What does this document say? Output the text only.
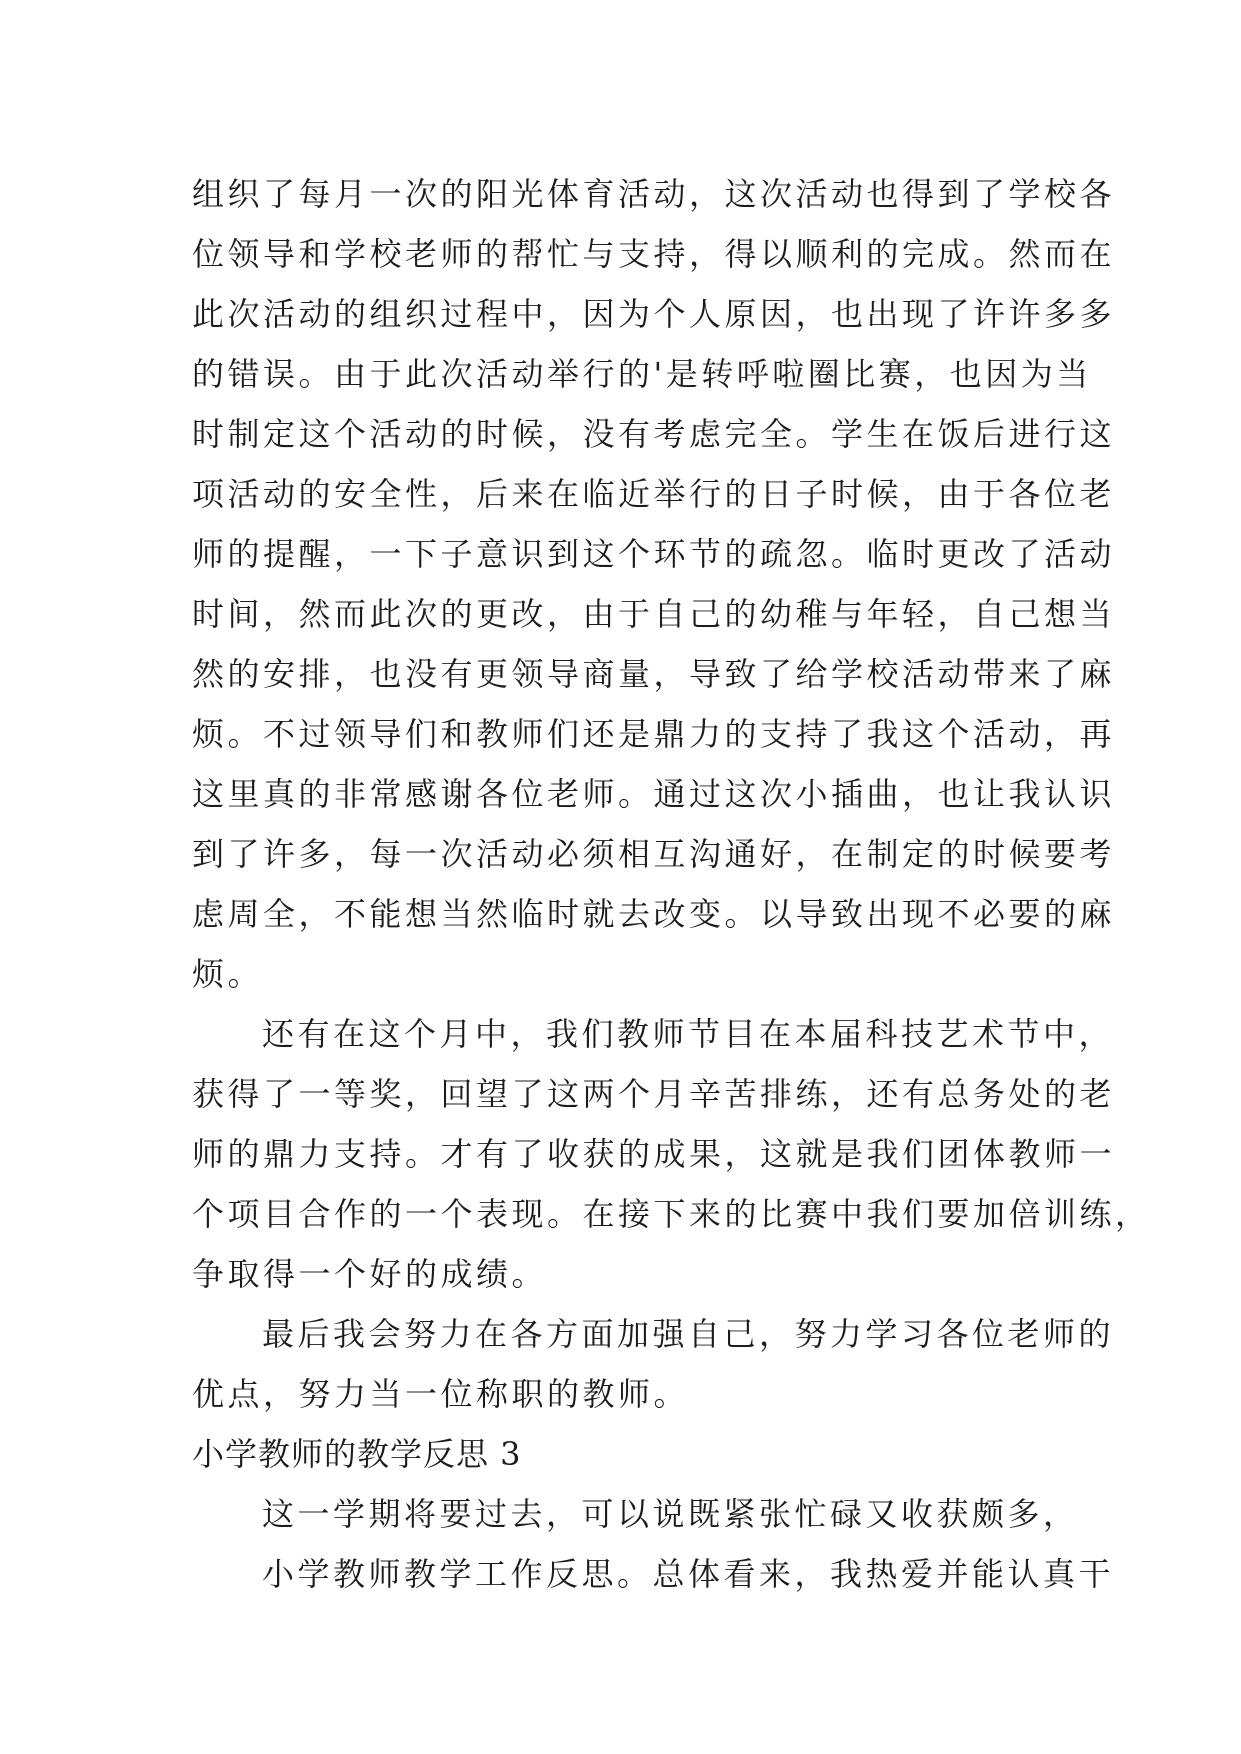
组织了每月一次的阳光体育活动，这次活动也得到了学校各
位领导和学校老师的帮忙与支持，得以顺利的完成。然而在
此次活动的组织过程中，因为个人原因，也出现了许许多多
的错误。由于此次活动举行的'是转呼啦圈比赛，也因为当
时制定这个活动的时候，没有考虑完全。学生在饭后进行这
项活动的安全性，后来在临近举行的日子时候，由于各位老
师的提醒，一下子意识到这个环节的疏忽。临时更改了活动
时间，然而此次的更改，由于自己的幼稚与年轻，自己想当
然的安排，也没有更领导商量，导致了给学校活动带来了麻
烦。不过领导们和教师们还是鼎力的支持了我这个活动，再
这里真的非常感谢各位老师。通过这次小插曲，也让我认识
到了许多，每一次活动必须相互沟通好，在制定的时候要考
虑周全，不能想当然临时就去改变。以导致出现不必要的麻
烦。
还有在这个月中，我们教师节目在本届科技艺术节中，
获得了一等奖，回望了这两个月辛苦排练，还有总务处的老
师的鼎力支持。才有了收获的成果，这就是我们团体教师一
个项目合作的一个表现。在接下来的比赛中我们要加倍训练，
争取得一个好的成绩。
最后我会努力在各方面加强自己，努力学习各位老师的
优点，努力当一位称职的教师。
小学教师的教学反思 3
这一学期将要过去，可以说既紧张忙碌又收获颇多，
小学教师教学工作反思。总体看来，我热爱并能认真干
